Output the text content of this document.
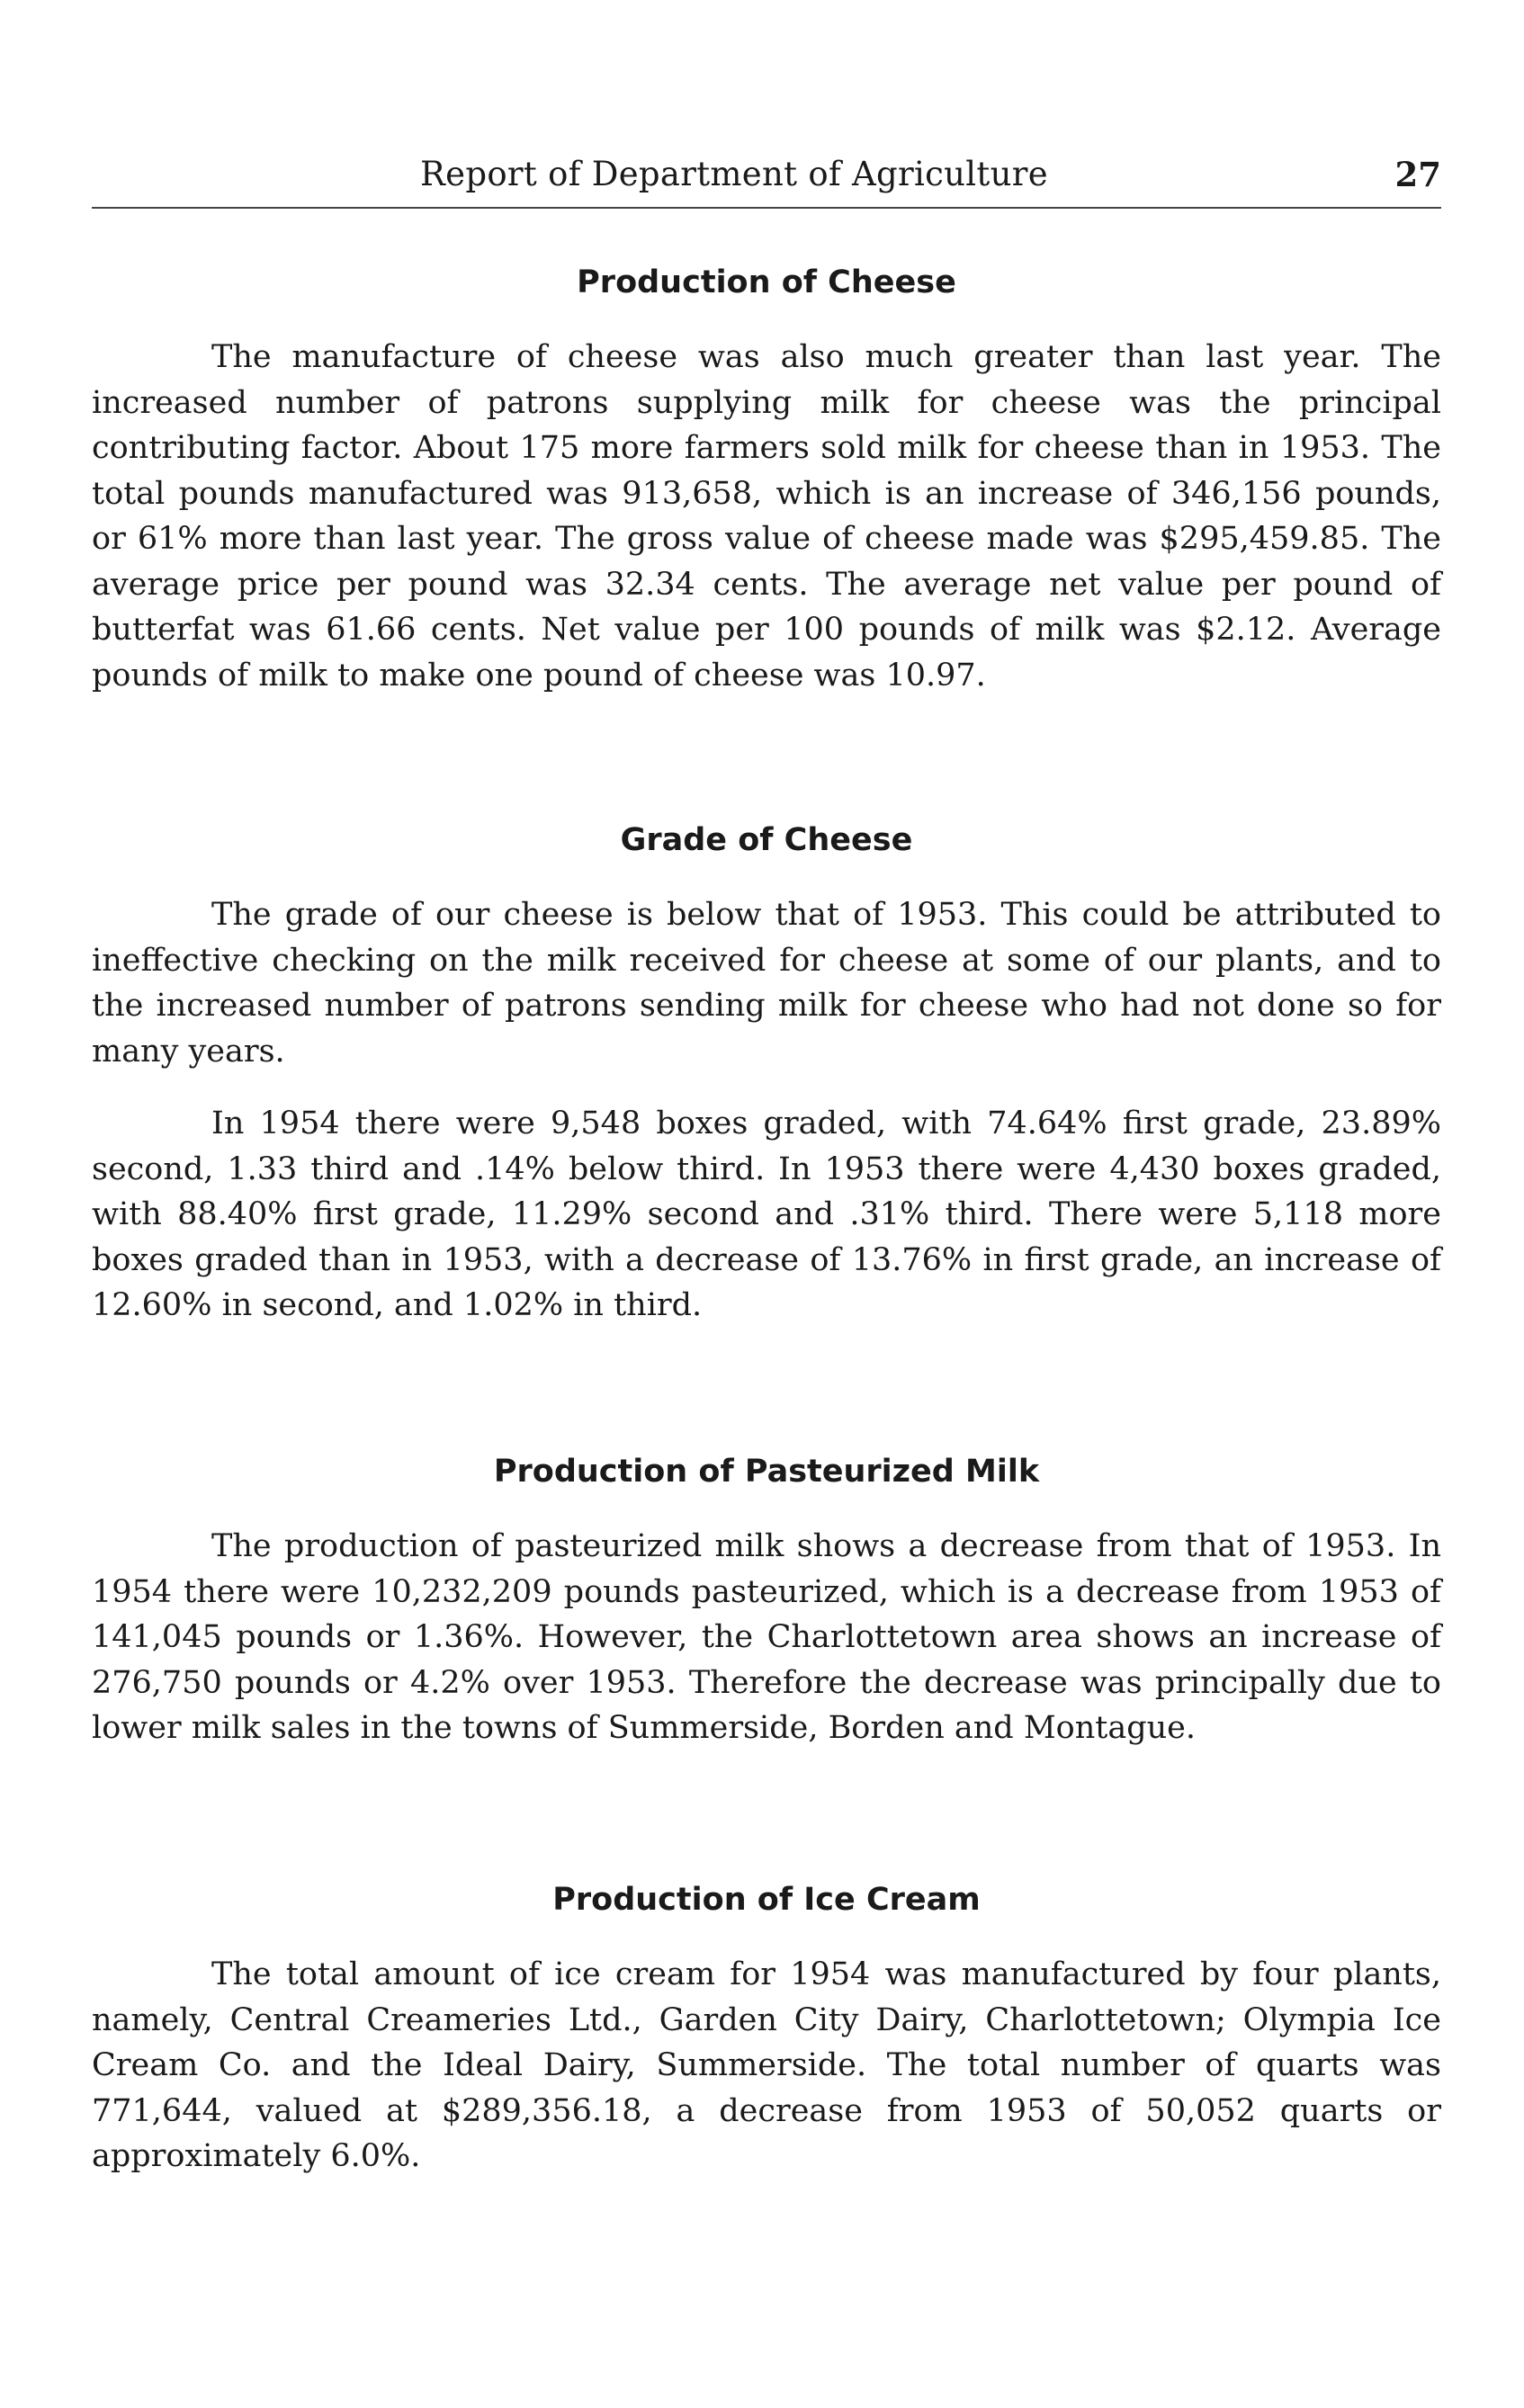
Report of Department of Agriculture	27
Production of Cheese

The manufacture of cheese was also much greater than last year. The increased number of patrons supplying milk for cheese was the principal contributing factor. About 175 more farmers sold milk for cheese than in 1953. The total pounds manufactured was 913,658, which is an increase of 346,156 pounds, or 61% more than last year. The gross value of cheese made was $295,459.85. The average price per pound was 32.34 cents. The average net value per pound of butterfat was 61.66 cents. Net value per 100 pounds of milk was $2.12. Average pounds of milk to make one pound of cheese was 10.97.

Grade of Cheese

The grade of our cheese is below that of 1953. This could be attributed to ineffective checking on the milk received for cheese at some of our plants, and to the increased number of patrons sending milk for cheese who had not done so for many years.

In 1954 there were 9,548 boxes graded, with 74.64% first grade, 23.89% second, 1.33 third and .14% below third. In 1953 there were 4,430 boxes graded, with 88.40% first grade, 11.29% second and .31% third. There were 5,118 more boxes graded than in 1953, with a decrease of 13.76% in first grade, an increase of 12.60% in second, and 1.02% in third.

Production of Pasteurized Milk

The production of pasteurized milk shows a decrease from that of 1953. In 1954 there were 10,232,209 pounds pasteurized, which is a decrease from 1953 of 141,045 pounds or 1.36%. However, the Charlottetown area shows an increase of 276,750 pounds or 4.2% over 1953. Therefore the decrease was principally due to lower milk sales in the towns of Summerside, Borden and Montague.

Production of Ice Cream

The total amount of ice cream for 1954 was manufactured by four plants, namely, Central Creameries Ltd., Garden City Dairy, Charlottetown; Olympia Ice Cream Co. and the Ideal Dairy, Summerside. The total number of quarts was 771,644, valued at $289,356.18, a decrease from 1953 of 50,052 quarts or approximately 6.0%.
